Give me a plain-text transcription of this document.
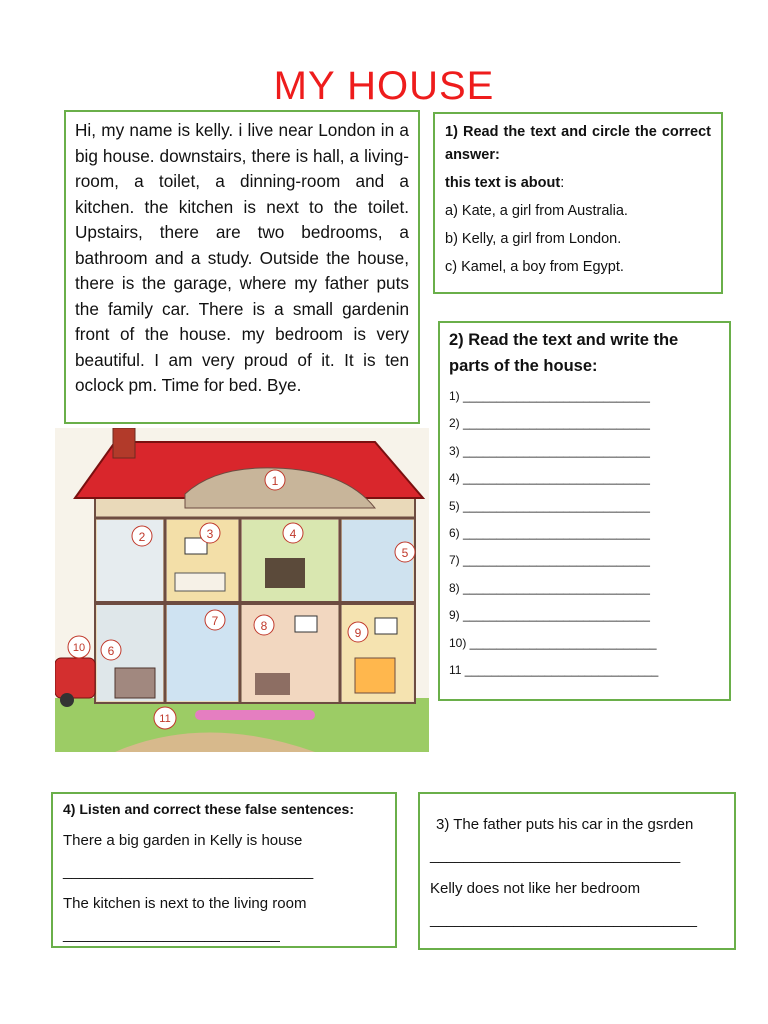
MY HOUSE
Hi, my name is kelly. i live near London in a big house. downstairs, there is hall, a living-room, a toilet, a dinning-room and a kitchen. the kitchen is next to the toilet. Upstairs, there are two bedrooms, a bathroom and a study. Outside the house, there is the garage, where my father puts the family car. There is a small gardenin front of the house. my bedroom is very beautiful. I am very proud of it. It is ten oclock pm. Time for bed. Bye.
1) Read the text and circle the correct answer:
this text is about:
a) Kate, a girl from Australia.
b) Kelly, a girl from London.
c) Kamel, a boy from Egypt.
2) Read the text and write the parts of the house:
1) ____________________________
2) ____________________________
3) ____________________________
4) ____________________________
5) ____________________________
6) ____________________________
7) ____________________________
8) ____________________________
9) ____________________________
10) ____________________________
11 _____________________________
1
2	3	4
5
6
7	8	9
10
11
4) Listen and correct these false sentences:
There a big garden in Kelly is house
______________________________
The kitchen is next to the living room
__________________________
3) The father puts his car in the gsrden
______________________________
Kelly does not like her bedroom
________________________________
